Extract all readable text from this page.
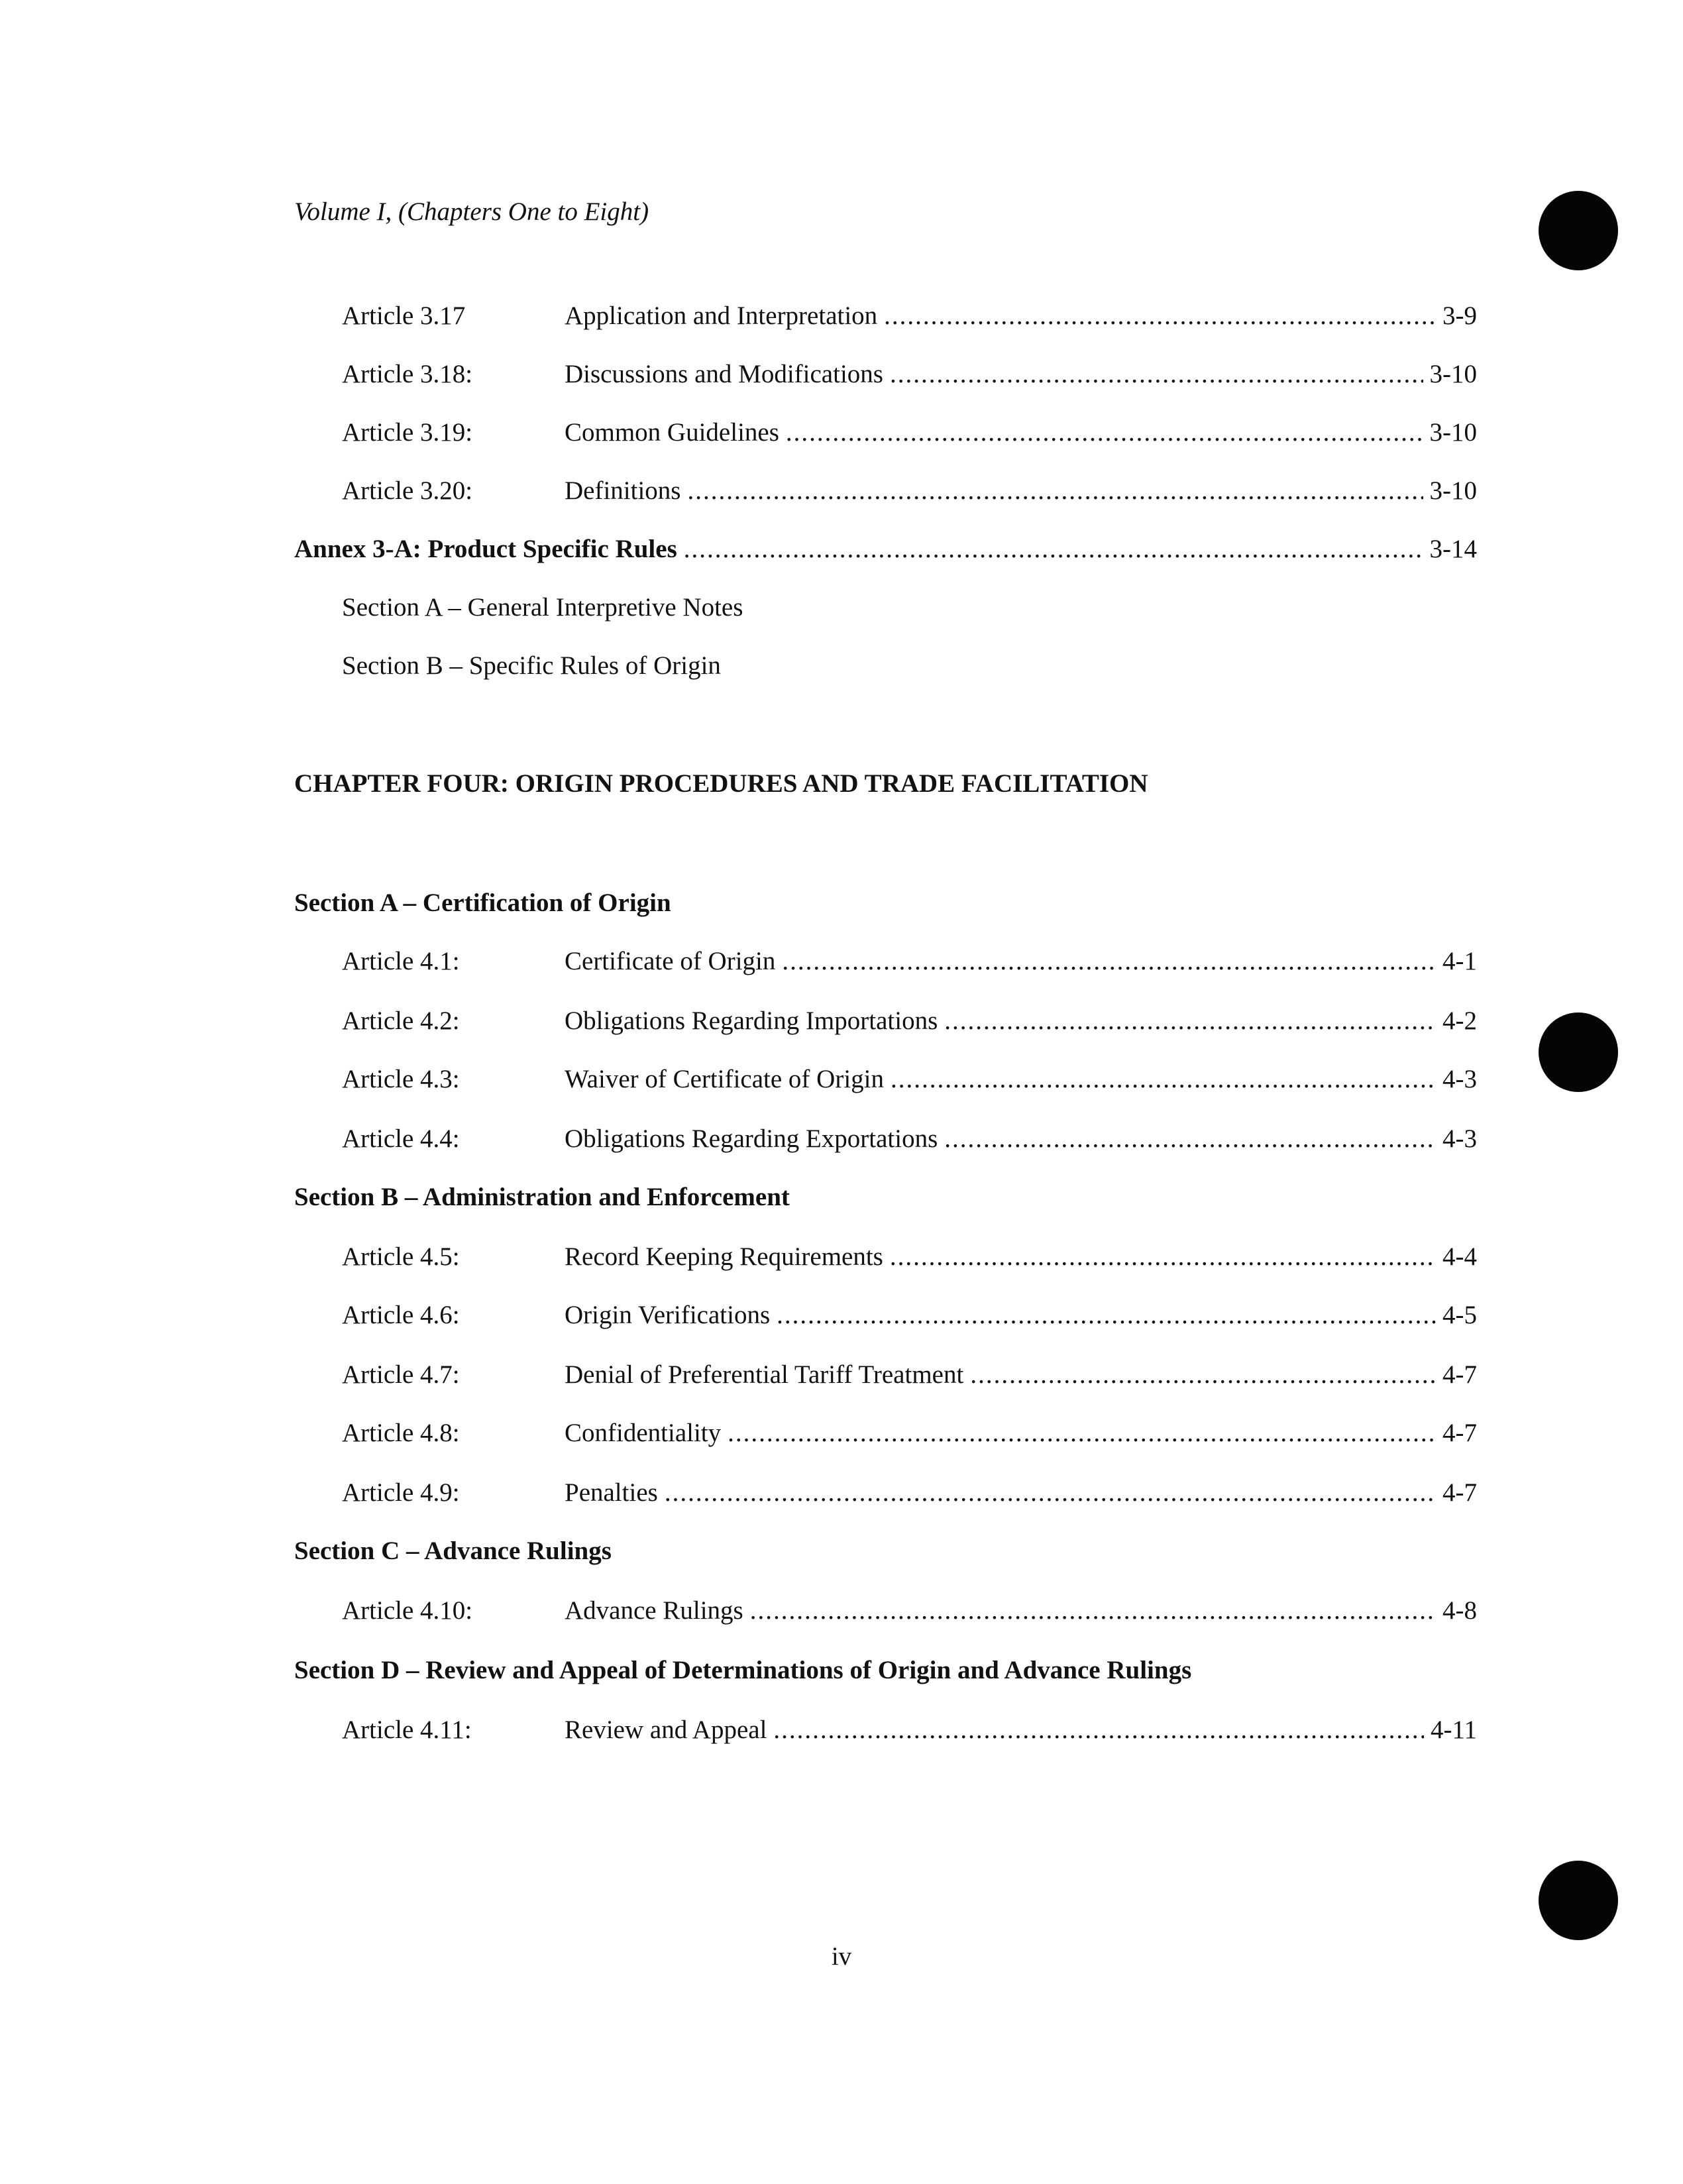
Volume I, (Chapters One to Eight)
Article 3.17	Application and Interpretation .....	3-9
Article 3.18:	Discussions and Modifications .....	3-10
Article 3.19:	Common Guidelines .....	3-10
Article 3.20:	Definitions .....	3-10
Annex 3-A: Product Specific Rules .....	3-14
Section A – General Interpretive Notes
Section B – Specific Rules of Origin
CHAPTER FOUR: ORIGIN PROCEDURES AND TRADE FACILITATION
Section A – Certification of Origin
Article 4.1:	Certificate of Origin .....	4-1
Article 4.2:	Obligations Regarding Importations .....	4-2
Article 4.3:	Waiver of Certificate of Origin .....	4-3
Article 4.4:	Obligations Regarding Exportations .....	4-3
Section B – Administration and Enforcement
Article 4.5:	Record Keeping Requirements .....	4-4
Article 4.6:	Origin Verifications .....	4-5
Article 4.7:	Denial of Preferential Tariff Treatment .....	4-7
Article 4.8:	Confidentiality .....	4-7
Article 4.9:	Penalties .....	4-7
Section C – Advance Rulings
Article 4.10:	Advance Rulings .....	4-8
Section D – Review and Appeal of Determinations of Origin and Advance Rulings
Article 4.11:	Review and Appeal .....	4-11
iv
